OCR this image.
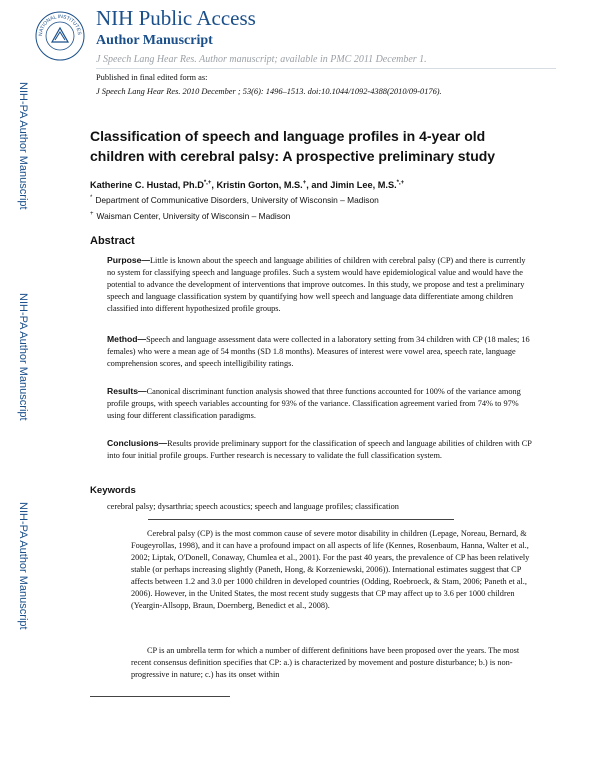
NATIONAL INSTITUTES
NIH Public Access
Author Manuscript
J Speech Lang Hear Res. Author manuscript; available in PMC 2011 December 1.
Published in final edited form as:
J Speech Lang Hear Res. 2010 December ; 53(6): 1496–1513. doi:10.1044/1092-4388(2010/09-0176).
NIH-PA Author Manuscript
NIH-PA Author Manuscript
NIH-PA Author Manuscript
Classification of speech and language profiles in 4-year old children with cerebral palsy: A prospective preliminary study
Katherine C. Hustad, Ph.D*,+, Kristin Gorton, M.S.+, and Jimin Lee, M.S.*,+
* Department of Communicative Disorders, University of Wisconsin – Madison
+ Waisman Center, University of Wisconsin – Madison
Abstract
Purpose—Little is known about the speech and language abilities of children with cerebral palsy (CP) and there is currently no system for classifying speech and language profiles. Such a system would have epidemiological value and would have the potential to advance the development of interventions that improve outcomes. In this study, we propose and test a preliminary speech and language classification system by quantifying how well speech and language data differentiate among children classified into different hypothesized profile groups.
Method—Speech and language assessment data were collected in a laboratory setting from 34 children with CP (18 males; 16 females) who were a mean age of 54 months (SD 1.8 months). Measures of interest were vowel area, speech rate, language comprehension scores, and speech intelligibility ratings.
Results—Canonical discriminant function analysis showed that three functions accounted for 100% of the variance among profile groups, with speech variables accounting for 93% of the variance. Classification agreement varied from 74% to 97% using four different classification paradigms.
Conclusions—Results provide preliminary support for the classification of speech and language abilities of children with CP into four initial profile groups. Further research is necessary to validate the full classification system.
Keywords
cerebral palsy; dysarthria; speech acoustics; speech and language profiles; classification
Cerebral palsy (CP) is the most common cause of severe motor disability in children (Lepage, Noreau, Bernard, & Fougeyrollas, 1998), and it can have a profound impact on all aspects of life (Kennes, Rosenbaum, Hanna, Walter et al., 2002; Liptak, O'Donell, Conaway, Chumlea et al., 2001). For the past 40 years, the prevalence of CP has been relatively stable (or perhaps increasing slightly (Paneth, Hong, & Korzeniewski, 2006)). International estimates suggest that CP affects between 1.2 and 3.0 per 1000 children in developed countries (Odding, Roebroeck, & Stam, 2006; Paneth et al., 2006). However, in the United States, the most recent study suggests that CP may affect up to 3.6 per 1000 children (Yeargin-Allsopp, Braun, Doernberg, Benedict et al., 2008).
CP is an umbrella term for which a number of different definitions have been proposed over the years. The most recent consensus definition specifies that CP: a.) is characterized by movement and posture disturbance; b.) is non-progressive in nature; c.) has its onset within
